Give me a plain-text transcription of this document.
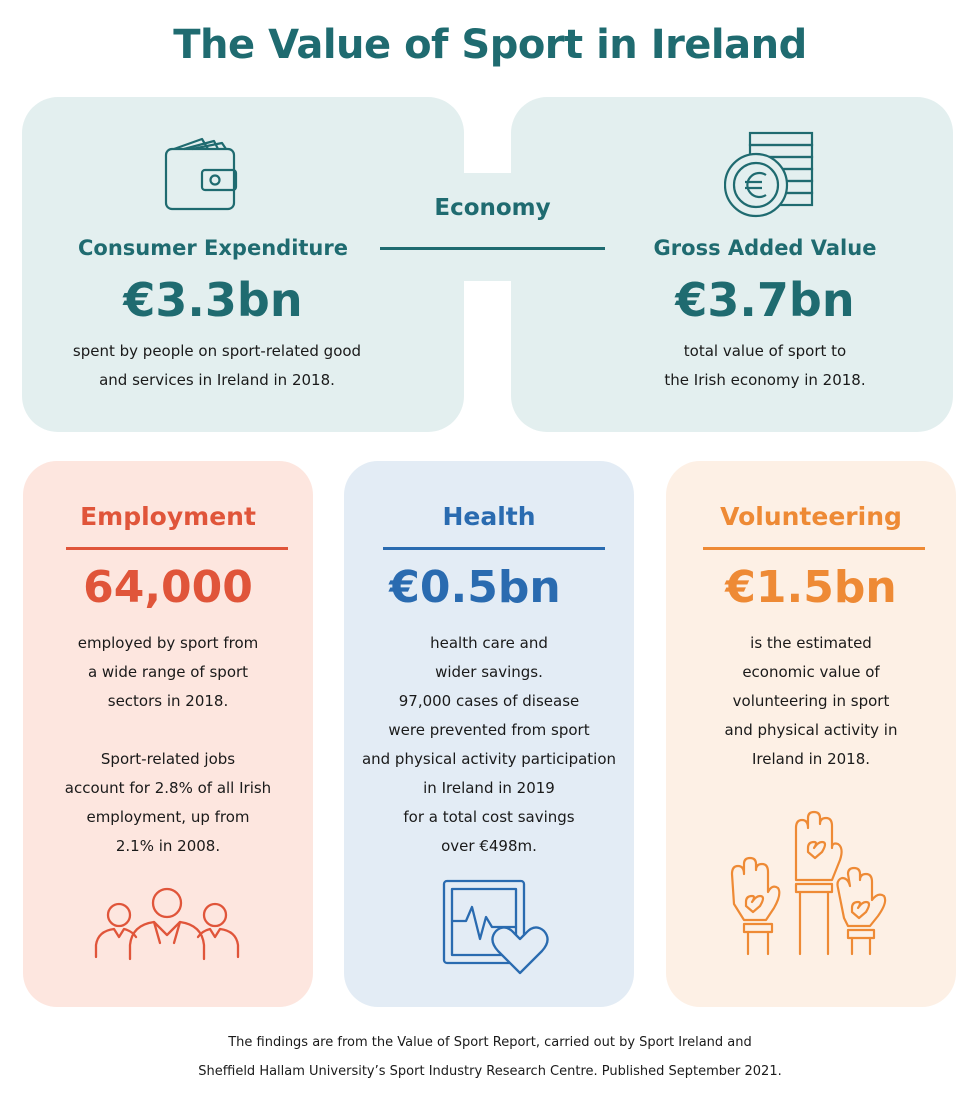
The Value of Sport in Ireland
Economy
Consumer Expenditure
€3.3bn
spent by people on sport-related good
and services in Ireland in 2018.
Gross Added Value
€3.7bn
total value of sport to
the Irish economy in 2018.
Employment
64,000
employed by sport from
a wide range of sport
sectors in 2018.
Sport-related jobs
account for 2.8% of all Irish
employment, up from
2.1% in 2008.
Health
€0.5bn
health care and
wider savings.
97,000 cases of disease
were prevented from sport
and physical activity participation
in Ireland in 2019
for a total cost savings
over €498m.
Volunteering
€1.5bn
is the estimated
economic value of
volunteering in sport
and physical activity in
Ireland in 2018.
The findings are from the Value of Sport Report, carried out by Sport Ireland and
Sheffield Hallam University’s Sport Industry Research Centre. Published September 2021.
